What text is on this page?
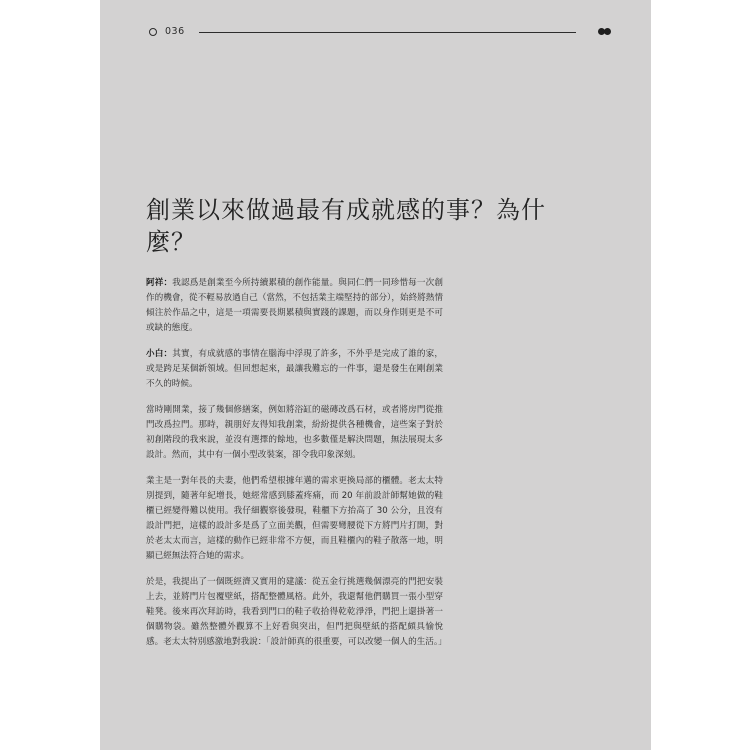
036
創業以來做過最有成就感的事？為什麼？

阿祥：我認爲是創業至今所持續累積的創作能量。與同仁們一同珍惜每一次創作的機會，從不輕易放過自己（當然，不包括業主端堅持的部分），始終將熱情傾注於作品之中，這是一項需要長期累積與實踐的課題，而以身作則更是不可或缺的態度。

小白：其實，有成就感的事情在腦海中浮現了許多，不外乎是完成了誰的家，或是跨足某個新領域。但回想起來，最讓我難忘的一件事，還是發生在剛創業不久的時候。

當時剛開業，接了幾個修繕案，例如將浴缸的磁磚改爲石材，或者將房門從推門改爲拉門。那時，親朋好友得知我創業，紛紛提供各種機會，這些案子對於初創階段的我來說，並沒有選擇的餘地，也多數僅是解決問題，無法展現太多設計。然而，其中有一個小型改裝案，卻令我印象深刻。

業主是一對年長的夫妻，他們希望根據年邁的需求更換局部的櫃體。老太太特別提到，隨著年紀增長，她經常感到膝蓋疼痛，而 20 年前設計師幫她做的鞋櫃已經變得難以使用。我仔細觀察後發現，鞋櫃下方抬高了 30 公分，且沒有設計門把，這樣的設計多是爲了立面美觀，但需要彎腰從下方將門片打開，對於老太太而言，這樣的動作已經非常不方便，而且鞋櫃內的鞋子散落一地，明顯已經無法符合她的需求。

於是，我提出了一個既經濟又實用的建議：從五金行挑選幾個漂亮的門把安裝上去，並將門片包覆壁紙，搭配整體風格。此外，我還幫他們購買一張小型穿鞋凳。後來再次拜訪時，我看到門口的鞋子收拾得乾乾淨淨，門把上還掛著一個購物袋。雖然整體外觀算不上好看與突出，但門把與壁紙的搭配頗具愉悅感。老太太特別感激地對我說：「設計師真的很重要，可以改變一個人的生活。」
